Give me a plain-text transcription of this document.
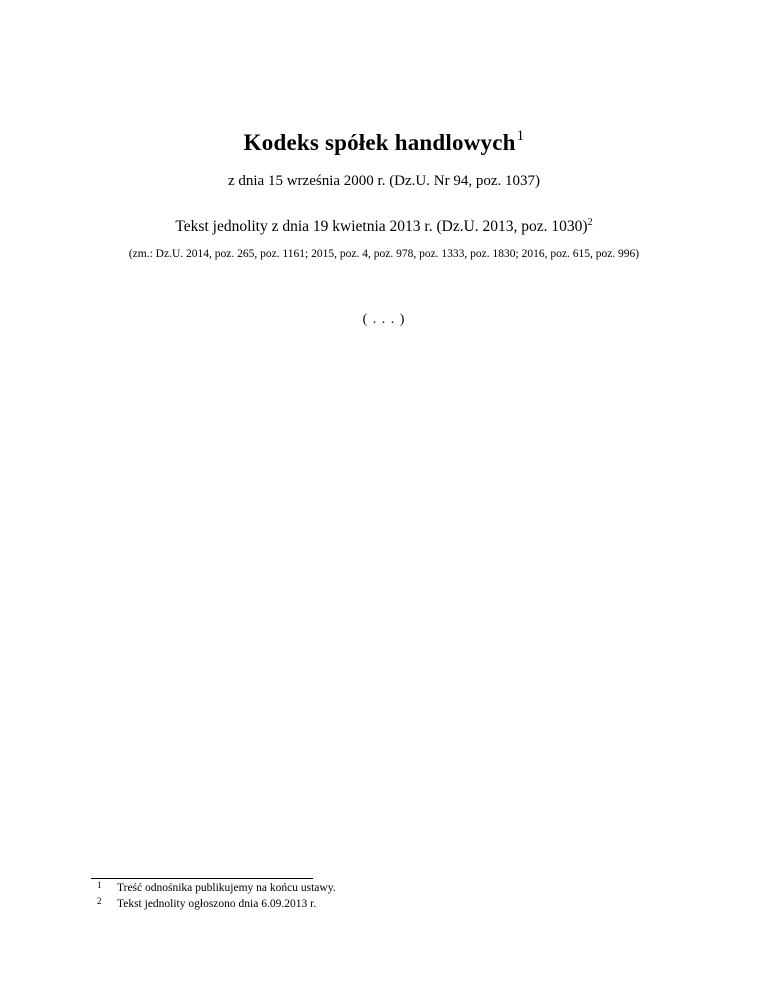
Kodeks spółek handlowych$^1$
z dnia 15 września 2000 r. (Dz.U. Nr 94, poz. 1037)
Tekst jednolity z dnia 19 kwietnia 2013 r. (Dz.U. 2013, poz. 1030)$^2$
(zm.: Dz.U. 2014, poz. 265, poz. 1161; 2015, poz. 4, poz. 978, poz. 1333, poz. 1830; 2016, poz. 615, poz. 996)
( . . . )
1 Treść odnośnika publikujemy na końcu ustawy.
2 Tekst jednolity ogłoszono dnia 6.09.2013 r.
